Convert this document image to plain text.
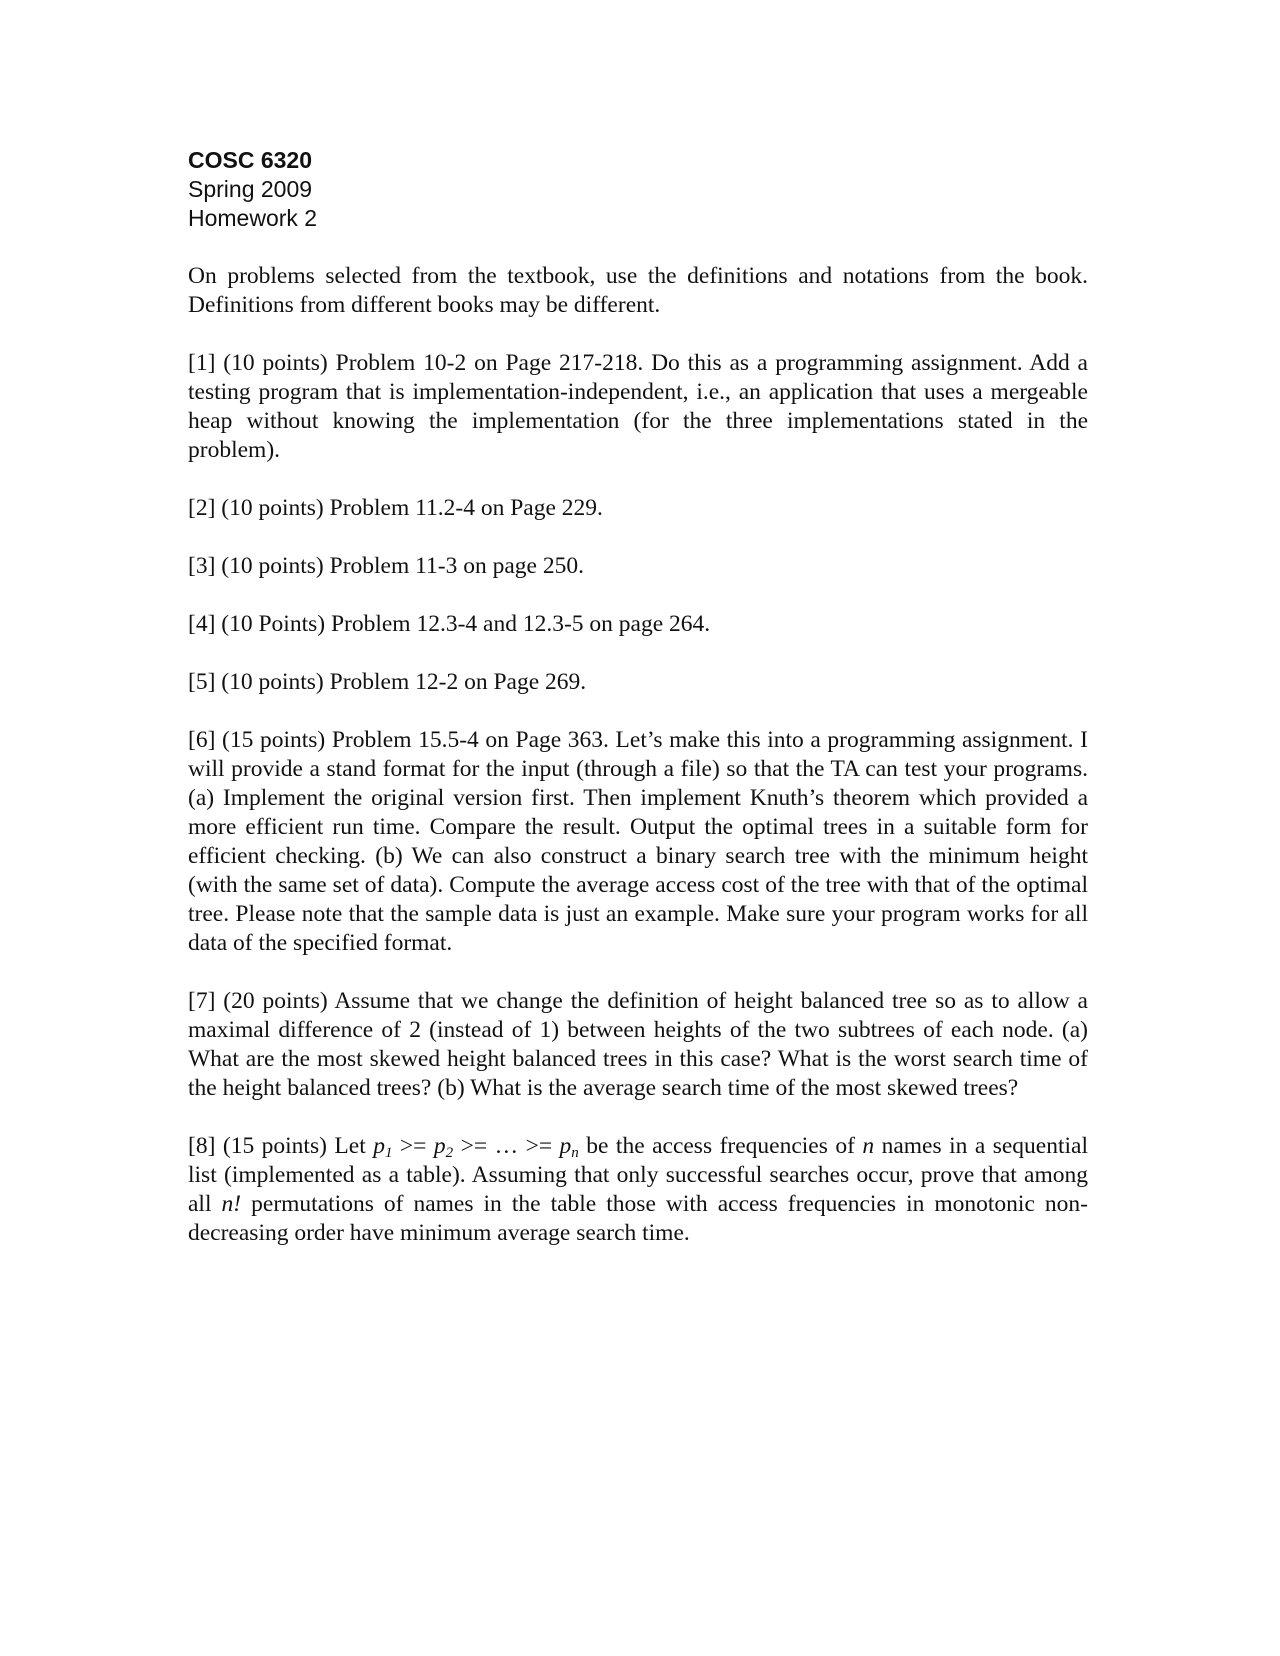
COSC 6320
Spring 2009
Homework 2

On problems selected from the textbook, use the definitions and notations from the book. Definitions from different books may be different.

[1] (10 points) Problem 10-2 on Page 217-218. Do this as a programming assignment. Add a testing program that is implementation-independent, i.e., an application that uses a mergeable heap without knowing the implementation (for the three implementations stated in the problem).

[2] (10 points) Problem 11.2-4 on Page 229.

[3] (10 points) Problem 11-3 on page 250.

[4] (10 Points) Problem 12.3-4 and 12.3-5 on page 264.

[5] (10 points) Problem 12-2 on Page 269.

[6] (15 points) Problem 15.5-4 on Page 363. Let’s make this into a programming assignment. I will provide a stand format for the input (through a file) so that the TA can test your programs. (a) Implement the original version first. Then implement Knuth’s theorem which provided a more efficient run time. Compare the result. Output the optimal trees in a suitable form for efficient checking. (b) We can also construct a binary search tree with the minimum height (with the same set of data). Compute the average access cost of the tree with that of the optimal tree. Please note that the sample data is just an example. Make sure your program works for all data of the specified format.

[7] (20 points) Assume that we change the definition of height balanced tree so as to allow a maximal difference of 2 (instead of 1) between heights of the two subtrees of each node. (a) What are the most skewed height balanced trees in this case? What is the worst search time of the height balanced trees? (b) What is the average search time of the most skewed trees?

[8] (15 points) Let $p_1 >= p_2$ >= … >= $p_n$ be the access frequencies of n names in a sequential list (implemented as a table). Assuming that only successful searches occur, prove that among all n! permutations of names in the table those with access frequencies in monotonic non-decreasing order have minimum average search time.
